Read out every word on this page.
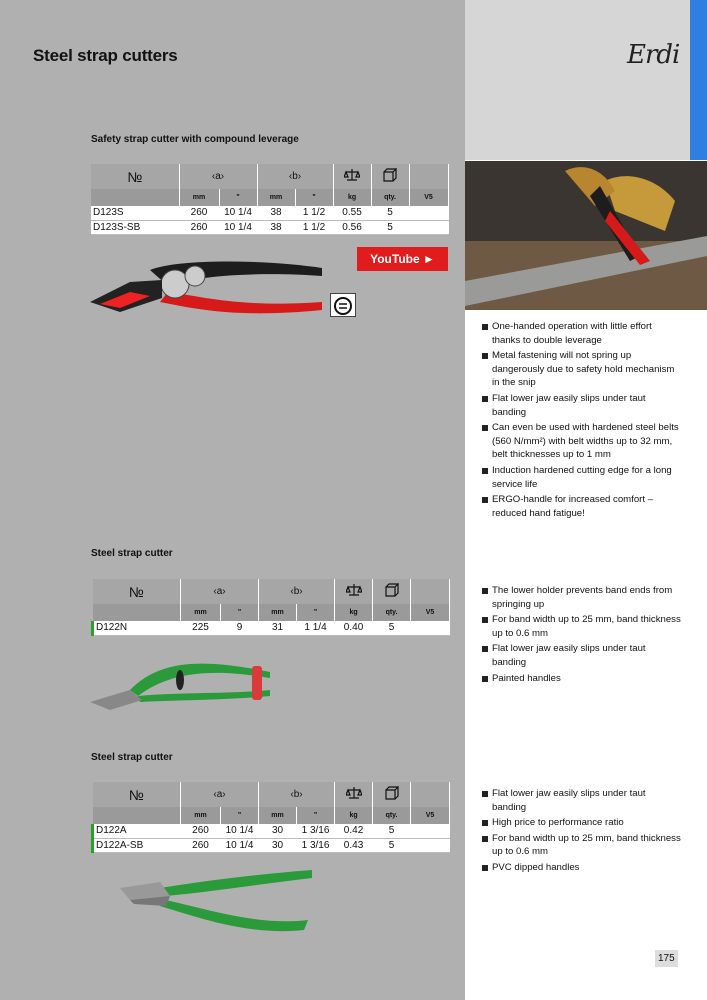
Steel strap cutters	Erdi
Safety strap cutter with compound leverage
№	‹a›		‹b›			
	mm	"	mm	"	kg	qty.	V5
D123S	260	10 1/4	38	1 1/2	0.55	5	
D123S-SB	260	10 1/4	38	1 1/2	0.56	5	
YouTube ►
One-handed operation with little effort thanks to double leverage
Metal fastening will not spring up dangerously due to safety hold mechanism in the snip
Flat lower jaw easily slips under taut banding
Can even be used with hardened steel belts (560 N/mm²) with belt widths up to 32 mm, belt thicknesses up to 1 mm
Induction hardened cutting edge for a long service life
ERGO-handle for increased comfort – reduced hand fatigue!
Steel strap cutter
№	‹a›		‹b›			
	mm	"	mm	"	kg	qty.	V5
D122N	225	9	31	1 1/4	0.40	5	
The lower holder prevents band ends from springing up
For band width up to 25 mm, band thickness up to 0.6 mm
Flat lower jaw easily slips under taut banding
Painted handles
Steel strap cutter
№	‹a›		‹b›			
	mm	"	mm	"	kg	qty.	V5
D122A	260	10 1/4	30	1 3/16	0.42	5	
D122A-SB	260	10 1/4	30	1 3/16	0.43	5	
Flat lower jaw easily slips under taut banding
High price to performance ratio
For band width up to 25 mm, band thickness up to 0.6 mm
PVC dipped handles
175
